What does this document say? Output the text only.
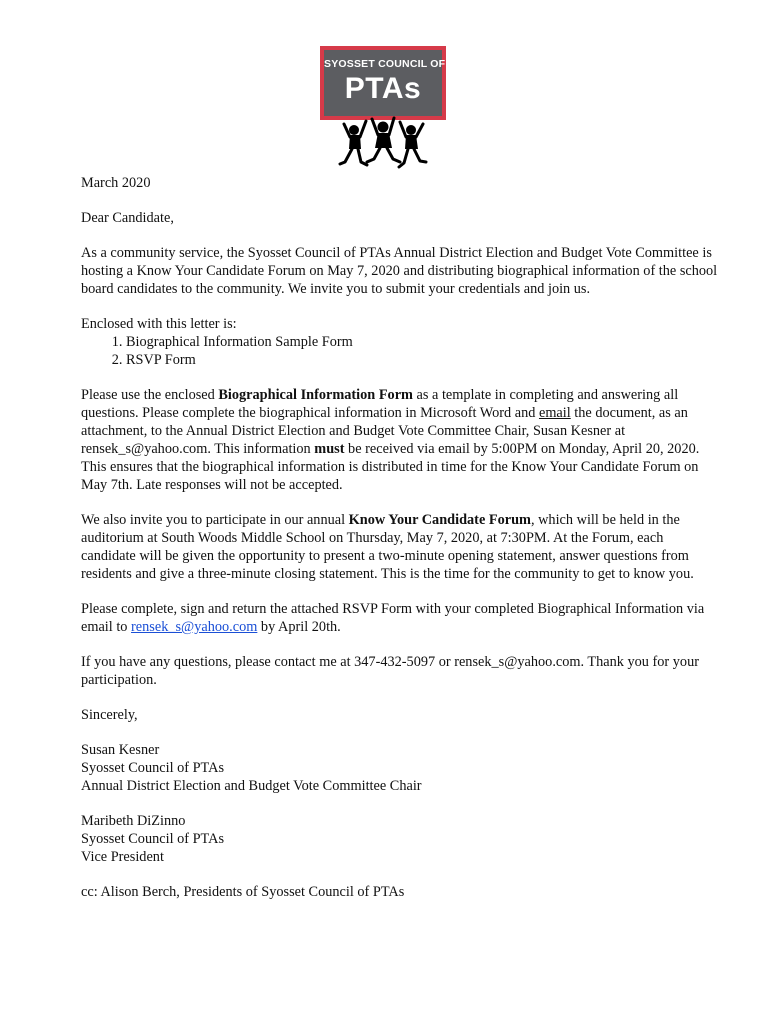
SYOSSET COUNCIL OF
PTAs

March 2020

Dear Candidate,

As a community service, the Syosset Council of PTAs Annual District Election and Budget Vote Committee is hosting a Know Your Candidate Forum on May 7, 2020 and distributing biographical information of the school board candidates to the community. We invite you to submit your credentials and join us.

Enclosed with this letter is:

1. Biographical Information Sample Form
2. RSVP Form

Please use the enclosed Biographical Information Form as a template in completing and answering all questions. Please complete the biographical information in Microsoft Word and email the document, as an attachment, to the Annual District Election and Budget Vote Committee Chair, Susan Kesner at rensek_s@yahoo.com. This information must be received via email by 5:00PM on Monday, April 20, 2020. This ensures that the biographical information is distributed in time for the Know Your Candidate Forum on May 7th. Late responses will not be accepted.

We also invite you to participate in our annual Know Your Candidate Forum, which will be held in the auditorium at South Woods Middle School on Thursday, May 7, 2020, at 7:30PM. At the Forum, each candidate will be given the opportunity to present a two-minute opening statement, answer questions from residents and give a three-minute closing statement. This is the time for the community to get to know you.

Please complete, sign and return the attached RSVP Form with your completed Biographical Information via email to rensek_s@yahoo.com by April 20th.

If you have any questions, please contact me at 347-432-5097 or rensek_s@yahoo.com. Thank you for your participation.

Sincerely,

Susan Kesner

Syosset Council of PTAs

Annual District Election and Budget Vote Committee Chair

Maribeth DiZinno

Syosset Council of PTAs

Vice President

cc: Alison Berch, Presidents of Syosset Council of PTAs
